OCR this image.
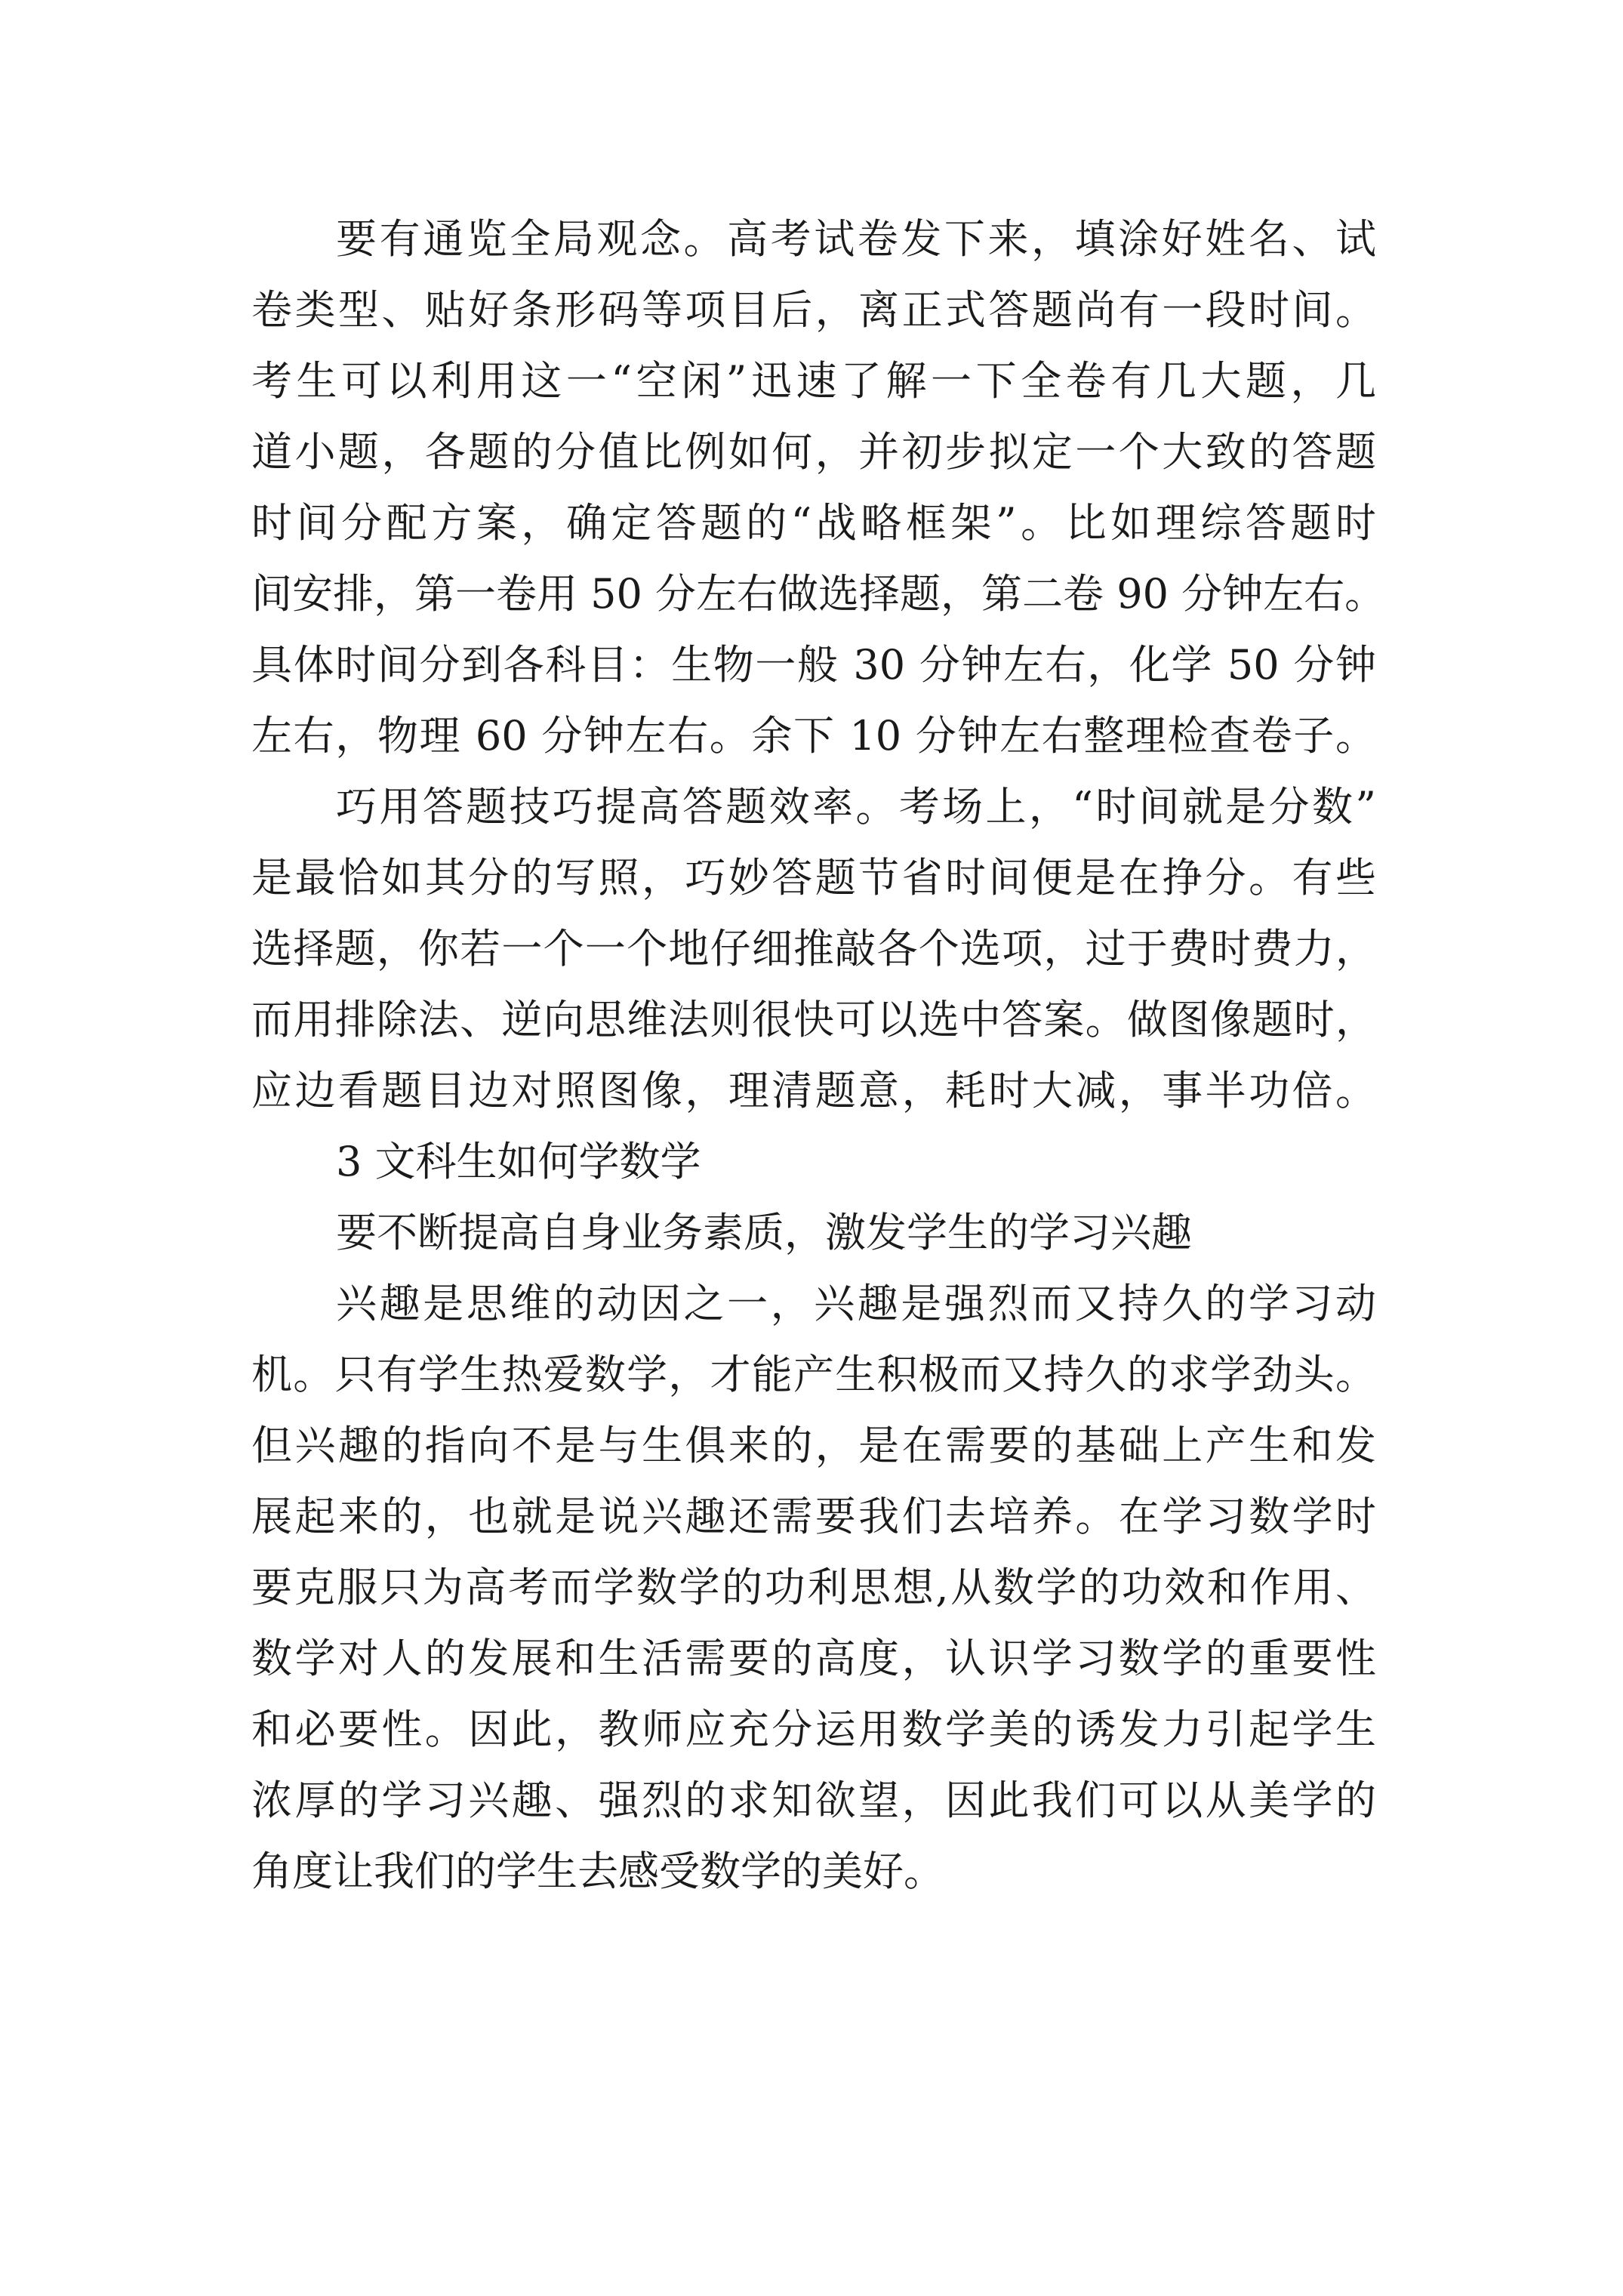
要有通览全局观念。高考试卷发下来，填涂好姓名、试
卷类型、贴好条形码等项目后，离正式答题尚有一段时间。
考生可以利用这一“空闲”迅速了解一下全卷有几大题，几
道小题，各题的分值比例如何，并初步拟定一个大致的答题
时间分配方案，确定答题的“战略框架”。比如理综答题时
间安排，第一卷用 50 分左右做选择题，第二卷 90 分钟左右。
具体时间分到各科目：生物一般 30 分钟左右，化学 50 分钟
左右，物理 60 分钟左右。余下 10 分钟左右整理检查卷子。
巧用答题技巧提高答题效率。考场上，“时间就是分数”
是最恰如其分的写照，巧妙答题节省时间便是在挣分。有些
选择题，你若一个一个地仔细推敲各个选项，过于费时费力，
而用排除法、逆向思维法则很快可以选中答案。做图像题时，
应边看题目边对照图像，理清题意，耗时大减，事半功倍。
3 文科生如何学数学
要不断提高自身业务素质，激发学生的学习兴趣
兴趣是思维的动因之一，兴趣是强烈而又持久的学习动
机。只有学生热爱数学，才能产生积极而又持久的求学劲头。
但兴趣的指向不是与生俱来的，是在需要的基础上产生和发
展起来的，也就是说兴趣还需要我们去培养。在学习数学时
要克服只为高考而学数学的功利思想,从数学的功效和作用、
数学对人的发展和生活需要的高度，认识学习数学的重要性
和必要性。因此，教师应充分运用数学美的诱发力引起学生
浓厚的学习兴趣、强烈的求知欲望，因此我们可以从美学的
角度让我们的学生去感受数学的美好。
